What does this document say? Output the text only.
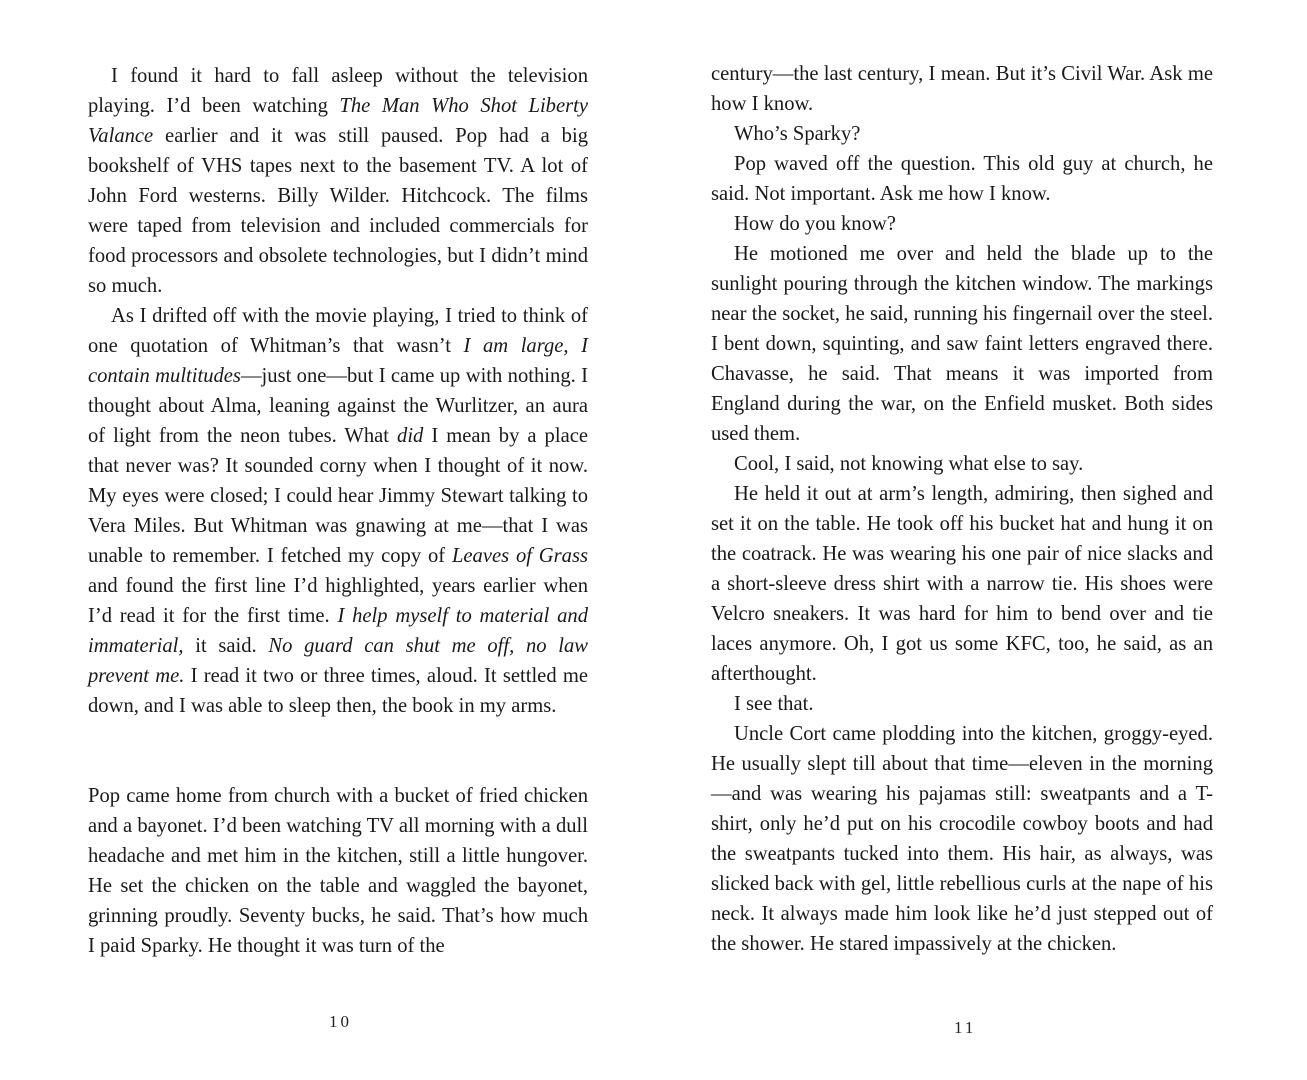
I found it hard to fall asleep without the television playing. I’d been watching The Man Who Shot Liberty Valance earlier and it was still paused. Pop had a big bookshelf of VHS tapes next to the basement TV. A lot of John Ford westerns. Billy Wilder. Hitchcock. The films were taped from television and included commercials for food processors and obsolete technologies, but I didn’t mind so much.

As I drifted off with the movie playing, I tried to think of one quotation of Whitman’s that wasn’t I am large, I contain multitudes—just one—but I came up with nothing. I thought about Alma, leaning against the Wurlitzer, an aura of light from the neon tubes. What did I mean by a place that never was? It sounded corny when I thought of it now. My eyes were closed; I could hear Jimmy Stewart talking to Vera Miles. But Whitman was gnawing at me—that I was unable to remember. I fetched my copy of Leaves of Grass and found the first line I’d highlighted, years earlier when I’d read it for the first time. I help myself to material and immaterial, it said. No guard can shut me off, no law prevent me. I read it two or three times, aloud. It settled me down, and I was able to sleep then, the book in my arms.

Pop came home from church with a bucket of fried chicken and a bayonet. I’d been watching TV all morning with a dull headache and met him in the kitchen, still a little hungover. He set the chicken on the table and waggled the bayonet, grinning proudly. Seventy bucks, he said. That’s how much I paid Sparky. He thought it was turn of the

10

century—the last century, I mean. But it’s Civil War. Ask me how I know.

Who’s Sparky?

Pop waved off the question. This old guy at church, he said. Not important. Ask me how I know.

How do you know?

He motioned me over and held the blade up to the sunlight pouring through the kitchen window. The markings near the socket, he said, running his fingernail over the steel. I bent down, squinting, and saw faint letters engraved there. Chavasse, he said. That means it was imported from England during the war, on the Enfield musket. Both sides used them.

Cool, I said, not knowing what else to say.

He held it out at arm’s length, admiring, then sighed and set it on the table. He took off his bucket hat and hung it on the coatrack. He was wearing his one pair of nice slacks and a short-sleeve dress shirt with a narrow tie. His shoes were Velcro sneakers. It was hard for him to bend over and tie laces anymore. Oh, I got us some KFC, too, he said, as an afterthought.

I see that.

Uncle Cort came plodding into the kitchen, groggy-eyed. He usually slept till about that time—eleven in the morning—and was wearing his pajamas still: sweatpants and a T-shirt, only he’d put on his crocodile cowboy boots and had the sweatpants tucked into them. His hair, as always, was slicked back with gel, little rebellious curls at the nape of his neck. It always made him look like he’d just stepped out of the shower. He stared impassively at the chicken.

11
